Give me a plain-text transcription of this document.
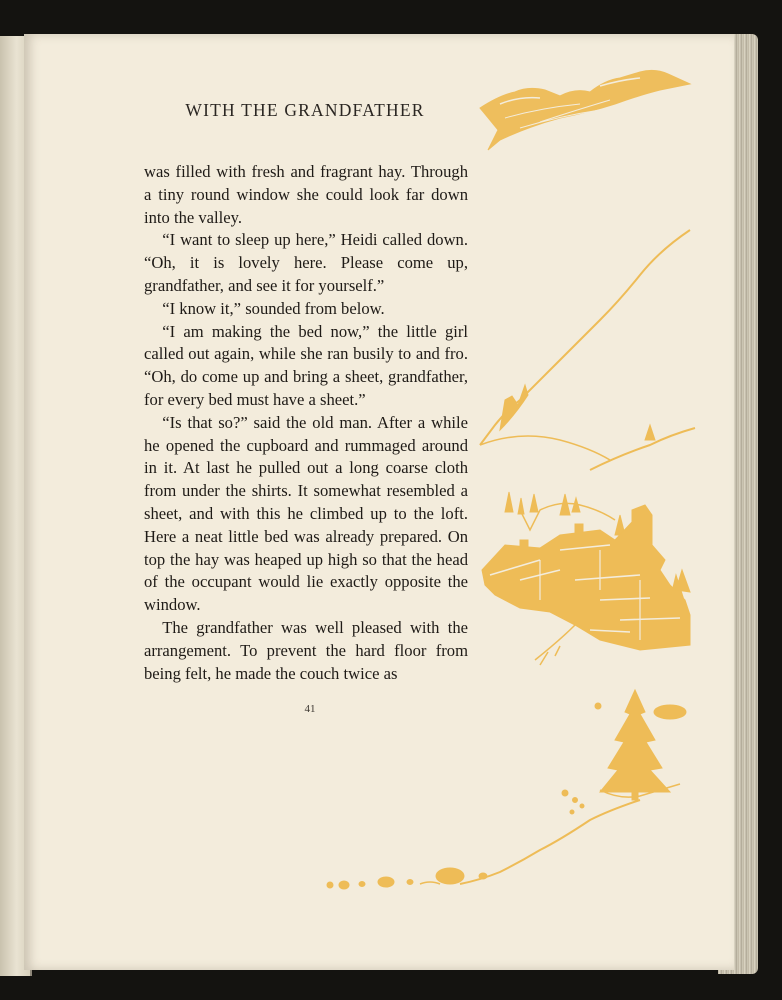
WITH THE GRANDFATHER

was filled with fresh and fragrant hay. Through a tiny round window she could look far down into the valley.

“I want to sleep up here,” Heidi called down. “Oh, it is lovely here. Please come up, grandfather, and see it for yourself.”

“I know it,” sounded from below.

“I am making the bed now,” the little girl called out again, while she ran busily to and fro. “Oh, do come up and bring a sheet, grandfather, for every bed must have a sheet.”

“Is that so?” said the old man. After a while he opened the cupboard and rummaged around in it. At last he pulled out a long coarse cloth from under the shirts. It somewhat resembled a sheet, and with this he climbed up to the loft. Here a neat little bed was already prepared. On top the hay was heaped up high so that the head of the occupant would lie exactly opposite the window.

The grandfather was well pleased with the arrangement. To prevent the hard floor from being felt, he made the couch twice as

41
